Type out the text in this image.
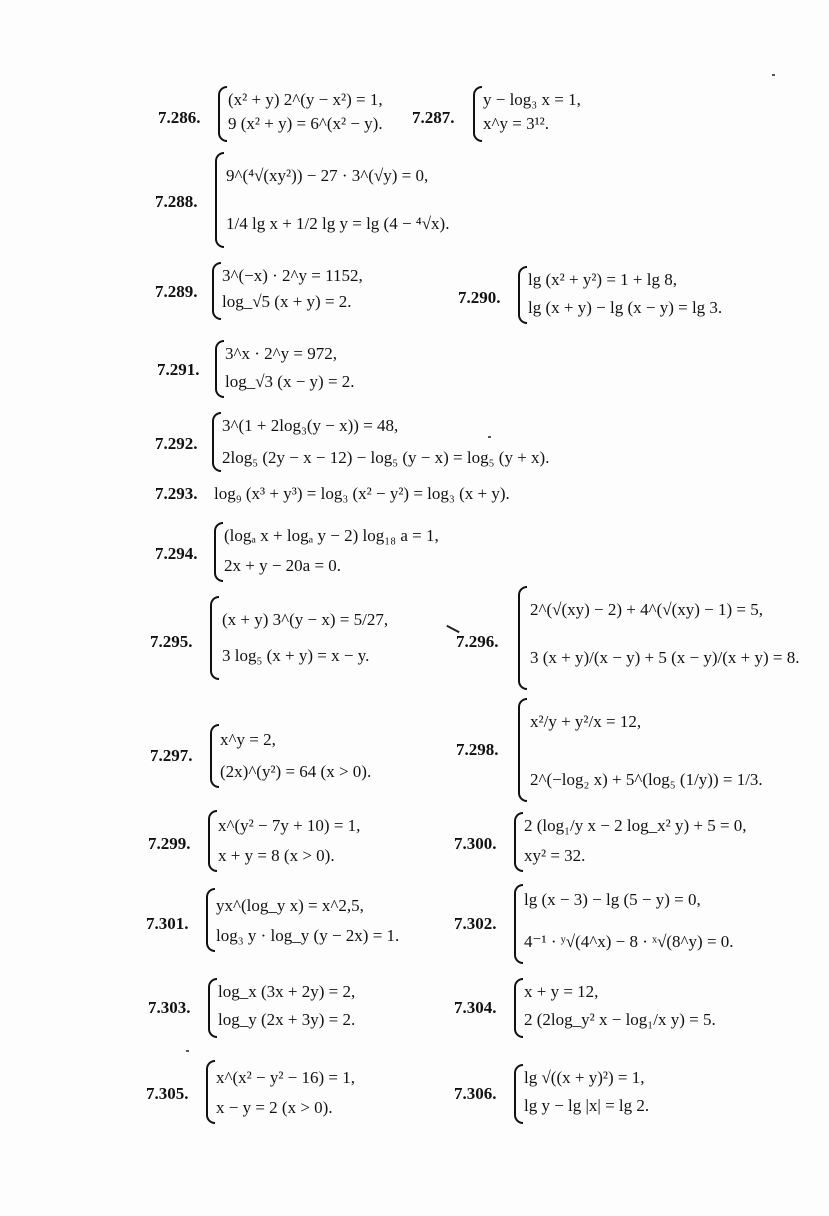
7.286.
(x² + y) 2^(y − x²) = 1,
9 (x² + y) = 6^(x² − y). 7.287.
y − log₃ x = 1,
x^y = 3¹².
7.288.
9^(⁴√(xy²)) − 27 · 3^(√y) = 0,
1/4 lg x + 1/2 lg y = lg (4 − ⁴√x).
7.289.
3^(−x) · 2^y = 1152,
log_√5 (x + y) = 2.	7.290.
lg (x² + y²) = 1 + lg 8,
lg (x + y) − lg (x − y) = lg 3.
7.291.
3^x · 2^y = 972,
log_√3 (x − y) = 2.
7.292.
3^(1 + 2log₃(y − x)) = 48,
2log₅ (2y − x − 12) − log₅ (y − x) = log₅ (y + x).
7.293. log₉ (x³ + y³) = log₃ (x² − y²) = log₃ (x + y).
7.294.
(logₐ x + logₐ y − 2) log₁₈ a = 1,
2x + y − 20a = 0.
7.295.
(x + y) 3^(y − x) = 5/27,
3 log₅ (x + y) = x − y.
7.296.
2^(√(xy) − 2) + 4^(√(xy) − 1) = 5,
3 (x + y)/(x − y) + 5 (x − y)/(x + y) = 8.
7.297.
x^y = 2,
(2x)^(y²) = 64 (x > 0).
7.298.
x²/y + y²/x = 12,
2^(−log₂ x) + 5^(log₅ (1/y)) = 1/3.
7.299.
x^(y² − 7y + 10) = 1,
x + y = 8 (x > 0).
7.300.
2 (log₁/y x − 2 log_x² y) + 5 = 0,
xy² = 32.
7.301.
yx^(log_y x) = x^2,5,
log₃ y · log_y (y − 2x) = 1.
7.302.
lg (x − 3) − lg (5 − y) = 0,
4⁻¹ · ʸ√(4^x) − 8 · ˣ√(8^y) = 0.
7.303.
log_x (3x + 2y) = 2,
log_y (2x + 3y) = 2.
7.304.
x + y = 12,
2 (2log_y² x − log₁/x y) = 5.
7.305.
x^(x² − y² − 16) = 1,
x − y = 2 (x > 0).
7.306.
lg √((x + y)²) = 1,
lg y − lg |x| = lg 2.
